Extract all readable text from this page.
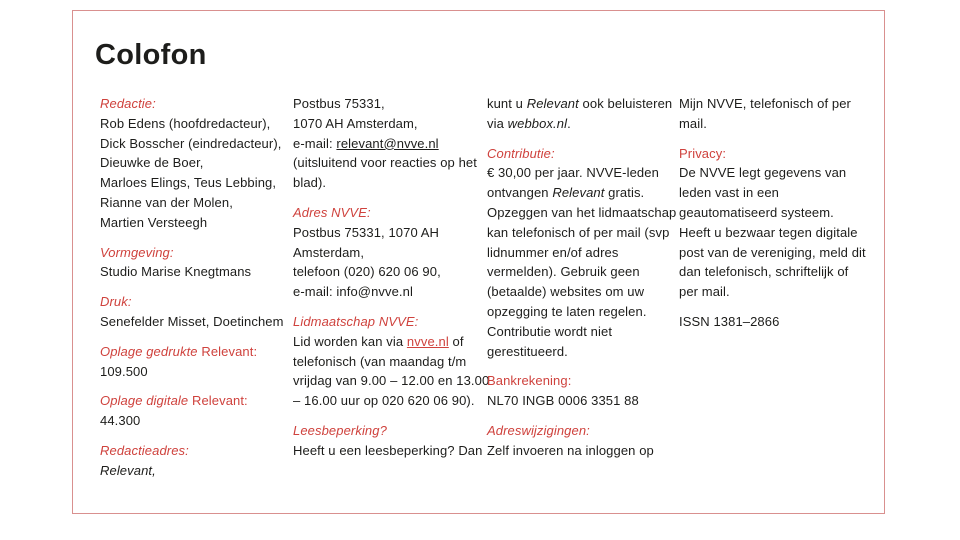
Colofon
Redactie:
Rob Edens (hoofdredacteur),
Dick Bosscher (eindredacteur),
Dieuwke de Boer,
Marloes Elings, Teus Lebbing,
Rianne van der Molen,
Martien Versteegh
Vormgeving:
Studio Marise Knegtmans
Druk:
Senefelder Misset, Doetinchem
Oplage gedrukte Relevant:
109.500
Oplage digitale Relevant:
44.300
Redactieadres:
Relevant,
Postbus 75331,
1070 AH Amsterdam,
e-mail: relevant@nvve.nl
(uitsluitend voor reacties op het
blad).
Adres NVVE:
Postbus 75331, 1070 AH
Amsterdam,
telefoon (020) 620 06 90,
e-mail: info@nvve.nl
Lidmaatschap NVVE:
Lid worden kan via nvve.nl of
telefonisch (van maandag t/m
vrijdag van 9.00 – 12.00 en 13.00
– 16.00 uur op 020 620 06 90).
Leesbeperking?
Heeft u een leesbeperking? Dan
kunt u Relevant ook beluisteren
via webbox.nl.
Contributie:
€ 30,00 per jaar. NVVE-leden
ontvangen Relevant gratis.
Opzeggen van het lidmaatschap
kan telefonisch of per mail (svp
lidnummer en/of adres
vermelden). Gebruik geen
(betaalde) websites om uw
opzegging te laten regelen.
Contributie wordt niet
gerestitueerd.
Bankrekening:
NL70 INGB 0006 3351 88
Adreswijzigingen:
Zelf invoeren na inloggen op
Mijn NVVE, telefonisch of per
mail.
Privacy:
De NVVE legt gegevens van
leden vast in een
geautomatiseerd systeem.
Heeft u bezwaar tegen digitale
post van de vereniging, meld dit
dan telefonisch, schriftelijk of
per mail.
ISSN 1381–2866
